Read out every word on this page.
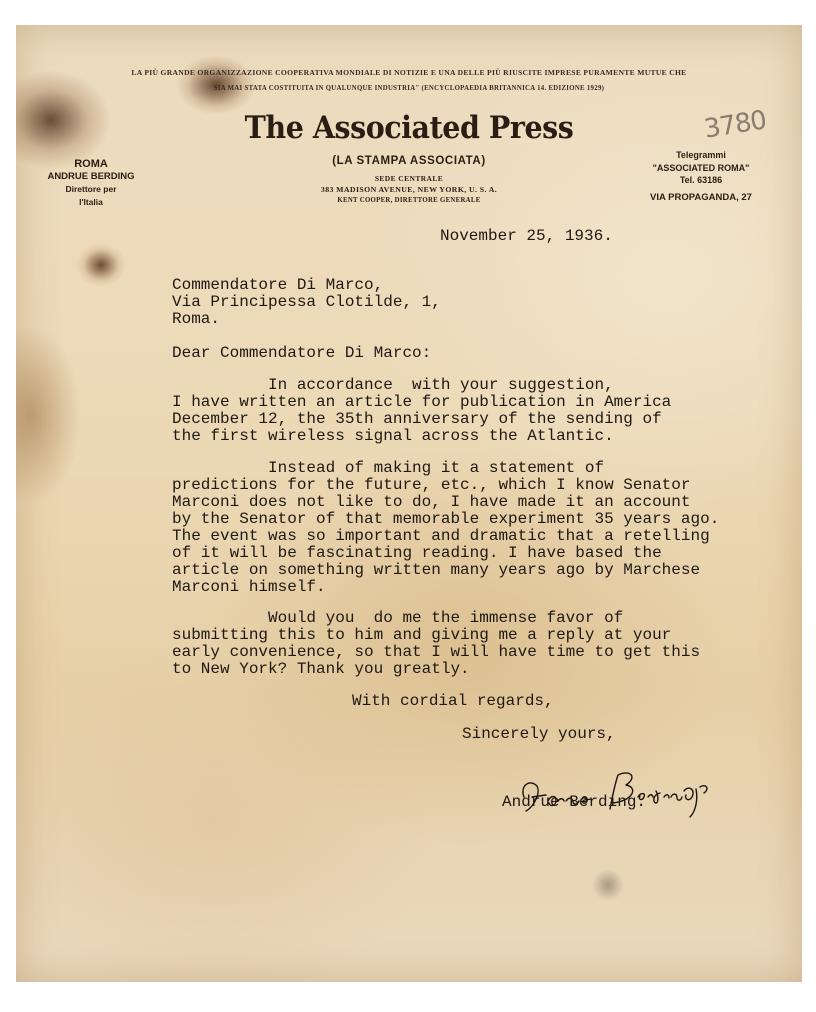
LA PIÙ GRANDE ORGANIZZAZIONE COOPERATIVA MONDIALE DI NOTIZIE E UNA DELLE PIÙ RIUSCITE IMPRESE PURAMENTE MUTUE CHE
SIA MAI STATA COSTITUITA IN QUALUNQUE INDUSTRIA" (ENCYCLOPAEDIA BRITANNICA 14. EDIZIONE 1929)
The Associated Press
(LA STAMPA ASSOCIATA)
SEDE CENTRALE
383 MADISON AVENUE, NEW YORK, U. S. A.
KENT COOPER, DIRETTORE GENERALE
ROMA
ANDRUE BERDING
Direttore per
l'Italia
Telegrammi
"ASSOCIATED ROMA"
Tel. 63186
VIA PROPAGANDA, 27
3780
November 25, 1936.
Commendatore Di Marco,
Via Principessa Clotilde, 1,
Roma.
Dear Commendatore Di Marco:
In accordance  with your suggestion,
I have written an article for publication in America
December 12, the 35th anniversary of the sending of
the first wireless signal across the Atlantic.
Instead of making it a statement of
predictions for the future, etc., which I know Senator
Marconi does not like to do, I have made it an account
by the Senator of that memorable experiment 35 years ago.
The event was so important and dramatic that a retelling
of it will be fascinating reading. I have based the
article on something written many years ago by Marchese
Marconi himself.
Would you  do me the immense favor of
submitting this to him and giving me a reply at your
early convenience, so that I will have time to get this
to New York? Thank you greatly.
With cordial regards,
Sincerely yours,
Andrue Berding.
